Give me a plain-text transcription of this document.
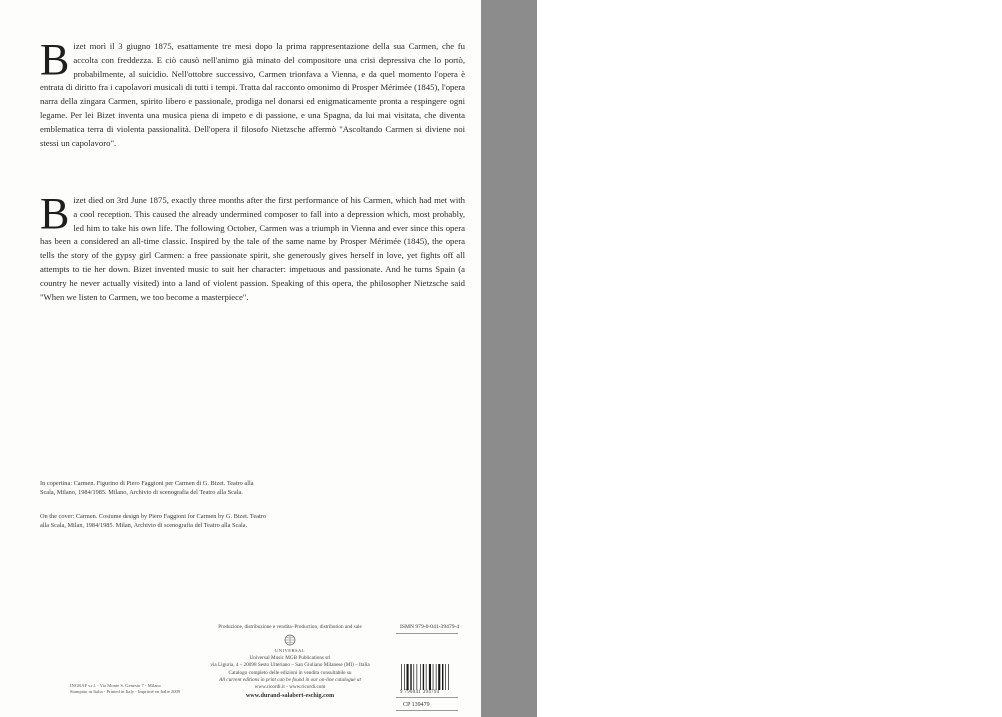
Ricordi Opera Vocal Score Series
B izet morì il 3 giugno 1875, esattamente tre mesi dopo la prima rappresentazione della sua Carmen, che fu accolta con freddezza. E ciò causò nell'animo già minato del compositore una crisi depressiva che lo portò, probabilmente, al suicidio. Nell'ottobre successivo, Carmen trionfava a Vienna, e da quel momento l'opera è entrata di diritto fra i capolavori musicali di tutti i tempi. Tratta dal racconto omonimo di Prosper Mérimée (1845), l'opera narra della zingara Carmen, spirito libero e passionale, prodiga nel donarsi ed enigmaticamente pronta a respingere ogni legame. Per lei Bizet inventa una musica piena di impeto e di passione, e una Spagna, da lui mai visitata, che diventa emblematica terra di violenta passionalità. Dell'opera il filosofo Nietzsche affermò "Ascoltando Carmen si diviene noi stessi un capolavoro".

B izet died on 3rd June 1875, exactly three months after the first performance of his Carmen, which had met with a cool reception. This caused the already undermined composer to fall into a depression which, most probably, led him to take his own life. The following October, Carmen was a triumph in Vienna and ever since this opera has been a considered an all-time classic. Inspired by the tale of the same name by Prosper Mérimée (1845), the opera tells the story of the gypsy girl Carmen: a free passionate spirit, she generously gives herself in love, yet fights off all attempts to tie her down. Bizet invented music to suit her character: impetuous and passionate. And he turns Spain (a country he never actually visited) into a land of violent passion. Speaking of this opera, the philosopher Nietzsche said "When we listen to Carmen, we too become a masterpiece".

In copertina: Carmen. Figurino di Piero Faggioni per Carmen di G. Bizet. Teatro alla Scala, Milano, 1984/1985. Milano, Archivio di scenografia del Teatro alla Scala.
On the cover: Carmen. Costume design by Piero Faggioni for Carmen by G. Bizet. Teatro alla Scala, Milan, 1984/1985. Milan, Archivio di scenografia del Teatro alla Scala.
Produzione, distribuzione e vendita–Production, distribution and sale
UNIVERSAL
Universal Music MGB Publications srl
via Liguria, 4 – 20098 Sesto Ulteriano – San Giuliano Milanese (MI) – Italia
Catalogo completo delle edizioni in vendita consultabile su
All current editions in print can be found in our on-line catalogue at
www.ricordi.it - www.ricordi.com
www.durand-salabert-eschig.com
INGRAF s.r.l. - Via Monte S. Genesio 7 - Milano
Stampato in Italia - Printed in Italy - Imprimé en Italie 2009
ISMN 979-0-041-39479-4
9 790041 394794
CP 139479
